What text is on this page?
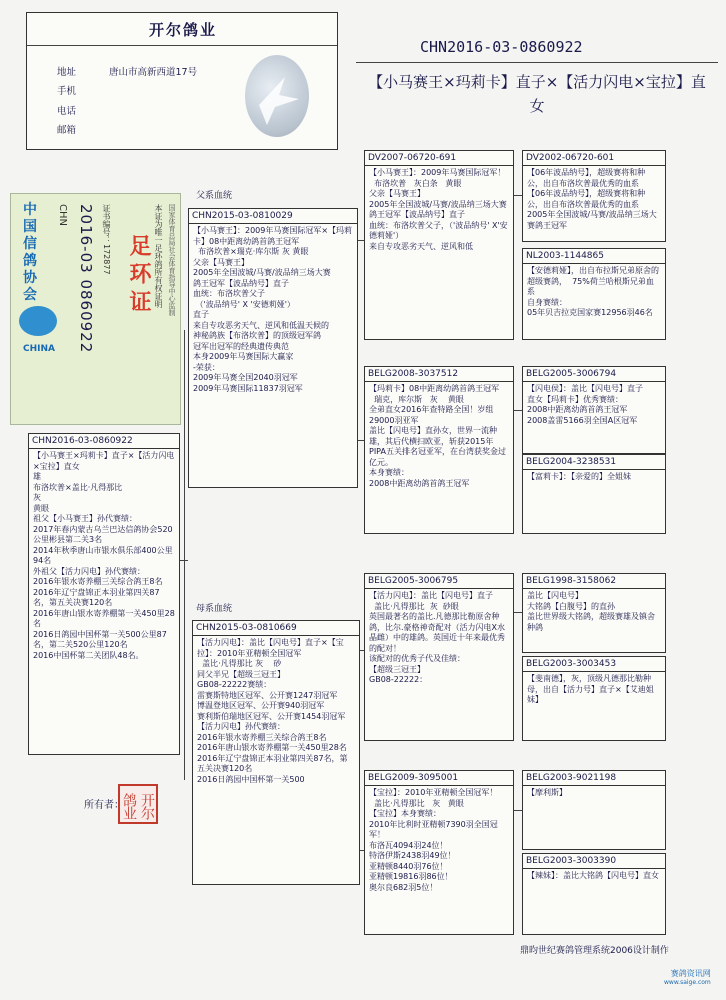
开尔鸽业
地址	唐山市高新西道17号
手机
电话
邮箱
中国信鸽协会
CHINA
CHN 2016-03 0860922 证书编号：172877 足环证 本证为唯一足环鸽所有权证明 国家体育总局社会体育指导中心监制
CHN2016-03-0860922
【小马赛王×玛莉卡】直子×【活力闪电×宝拉】直女
父系血统
母系血统
CHN2016-03-0860922
【小马赛王×玛莉卡】直子×【活力闪电×宝拉】直女
雄
布洛坎普×盖比·凡得那比
灰
黄眼
祖父【小马赛王】孙代赛绩：
2017年春内蒙古乌兰巴达信鸽协会520公里彬县第二关3名
2014年秋季唐山市银水俱乐部400公里94名
外祖父【活力闪电】孙代赛绩：
2016年银水寄养棚三关综合鸽王8名
2016年辽宁盘锦正本羽业第四关87名，第五关决赛120名
2016年唐山银水寄养棚第一关450里28名
2016日鸽园中国杯第一关500公里87名，第二关520公里120名
2016中国杯第二关团队48名。
CHN2015-03-0810029
【小马赛王】：2009年马赛国际冠军×【玛莉卡】08中距离幼鸽首鸽王冠军
布洛坎普×瑞克·库尔斯 灰 黄眼
父亲【马赛王】
2005年全国波城/马赛/波品纳三场大赛
鸽王冠军【波品纳号】直子
血统：布洛坎普父子
（'波品纳号' X '安德莉娅'）
直子
来自专攻恶劣天气、逆风和低温天候的
神秘鸽族【布洛坎普】的顶级冠军鸽
冠军出冠军的经典遗传典范
本身2009年马赛国际大赢家
-荣获：
2009年马赛全国2040羽冠军
2009年马赛国际11837羽冠军
CHN2015-03-0810669
【活力闪电】：盖比【闪电号】直子×【宝拉】：2010年亚精顿全国冠军
盖比·凡得那比 灰    砂
同父半兄【超级三冠王】
GB08-22222赛绩：
雷赛斯特地区冠军、公开赛1247羽冠军
博温登地区冠军、公开赛940羽冠军
赛利斯伯瑞地区冠军、公开赛1454羽冠军
【活力闪电】孙代赛绩：
2016年银水寄养棚三关综合鸽王8名
2016年唐山银水寄养棚第一关450里28名
2016年辽宁盘锦正本羽业第四关87名，第五关决赛120名
2016日鸽园中国杯第一关500
DV2007-06720-691
【小马赛王】：2009年马赛国际冠军！
布洛坎普   灰白条   黄眼
父亲【马赛王】
2005年全国波城/马赛/波品纳三场大赛鸽王冠军【波品纳号】直子
血统：布洛坎普父子，（'波品纳号' X'安德莉娅'）
来自专攻恶劣天气、逆风和低
BELG2008-3037512
【玛莉卡】08中距离幼鸽首鸽王冠军
瑞克，库尔斯   灰    黄眼
全弟直女2016年查特路全国！岁组29000羽亚军
盖比【闪电号】直孙女，世界一流种雄，其后代横扫欧亚，斩获2015年PIPA五关排名冠亚军，在台湾获奖金过亿元。
本身赛绩：
2008中距离幼鸽首鸽王冠军
BELG2005-3006795
【活力闪电】：盖比【闪电号】直子
盖比·凡得那比  灰  砂眼
英国最著名的盖比.凡德那比勒原舍种鸽，比尔.豪格神奇配对（活力闪电X水晶雌）中的雄鸽。英国近十年来最优秀的配对！
该配对的优秀子代及佳绩：
【超级三冠王】
GB08-22222：
BELG2009-3095001
【宝拉】：2010年亚精顿全国冠军！
盖比·凡得那比   灰   黄眼
【宝拉】本身赛绩：
2010年比利时亚精顿7390羽全国冠军！
布洛瓦4094羽24位！
特洛伊斯2438羽49位！
亚精顿8440羽76位！
亚精顿19816羽86位！
奥尔良682羽5位！
DV2002-06720-601
【06年波品纳号】，超级赛将和种公，出自布洛坎普最优秀的血系
【06年波品纳号】，超级赛将和种公，出自布洛坎普最优秀的血系 2005年全国波城/马赛/波品纳三场大赛鸽王冠军
NL2003-1144865
【安德莉娅】，出自布拉斯兄弟原舍的超级赛鸽，  75%荷兰哈根斯兄弟血系
自身赛绩：
05年贝吉拉克国家赛12956羽46名
BELG2005-3006794
【闪电侯】：盖比【闪电号】直子
直女【玛莉卡】优秀赛绩：
2008中距离幼鸽首鸽王冠军
2008盖雷5166羽全国A区冠军
BELG2004-3238531
【富莉卡】：【亲爱的】全姐妹
BELG1998-3158062
盖比【闪电号】
大铭鸽【白腹号】的直孙
盖比世界级大铭鸽，超级赛雄及镇舍种鸽
BELG2003-3003453
【斐南德】，灰，顶级凡德那比勒种母，出自【活力号】直子×【艾迪姐妹】
BELG2003-9021198
【摩利斯】
BELG2003-3003390
【辣妹】：盖比大铭鸽【闪电号】直女
所有者：	开尔鸽业
鼎昀世纪赛鸽管理系统2006设计制作
赛鸽资讯网
www.saige.com
